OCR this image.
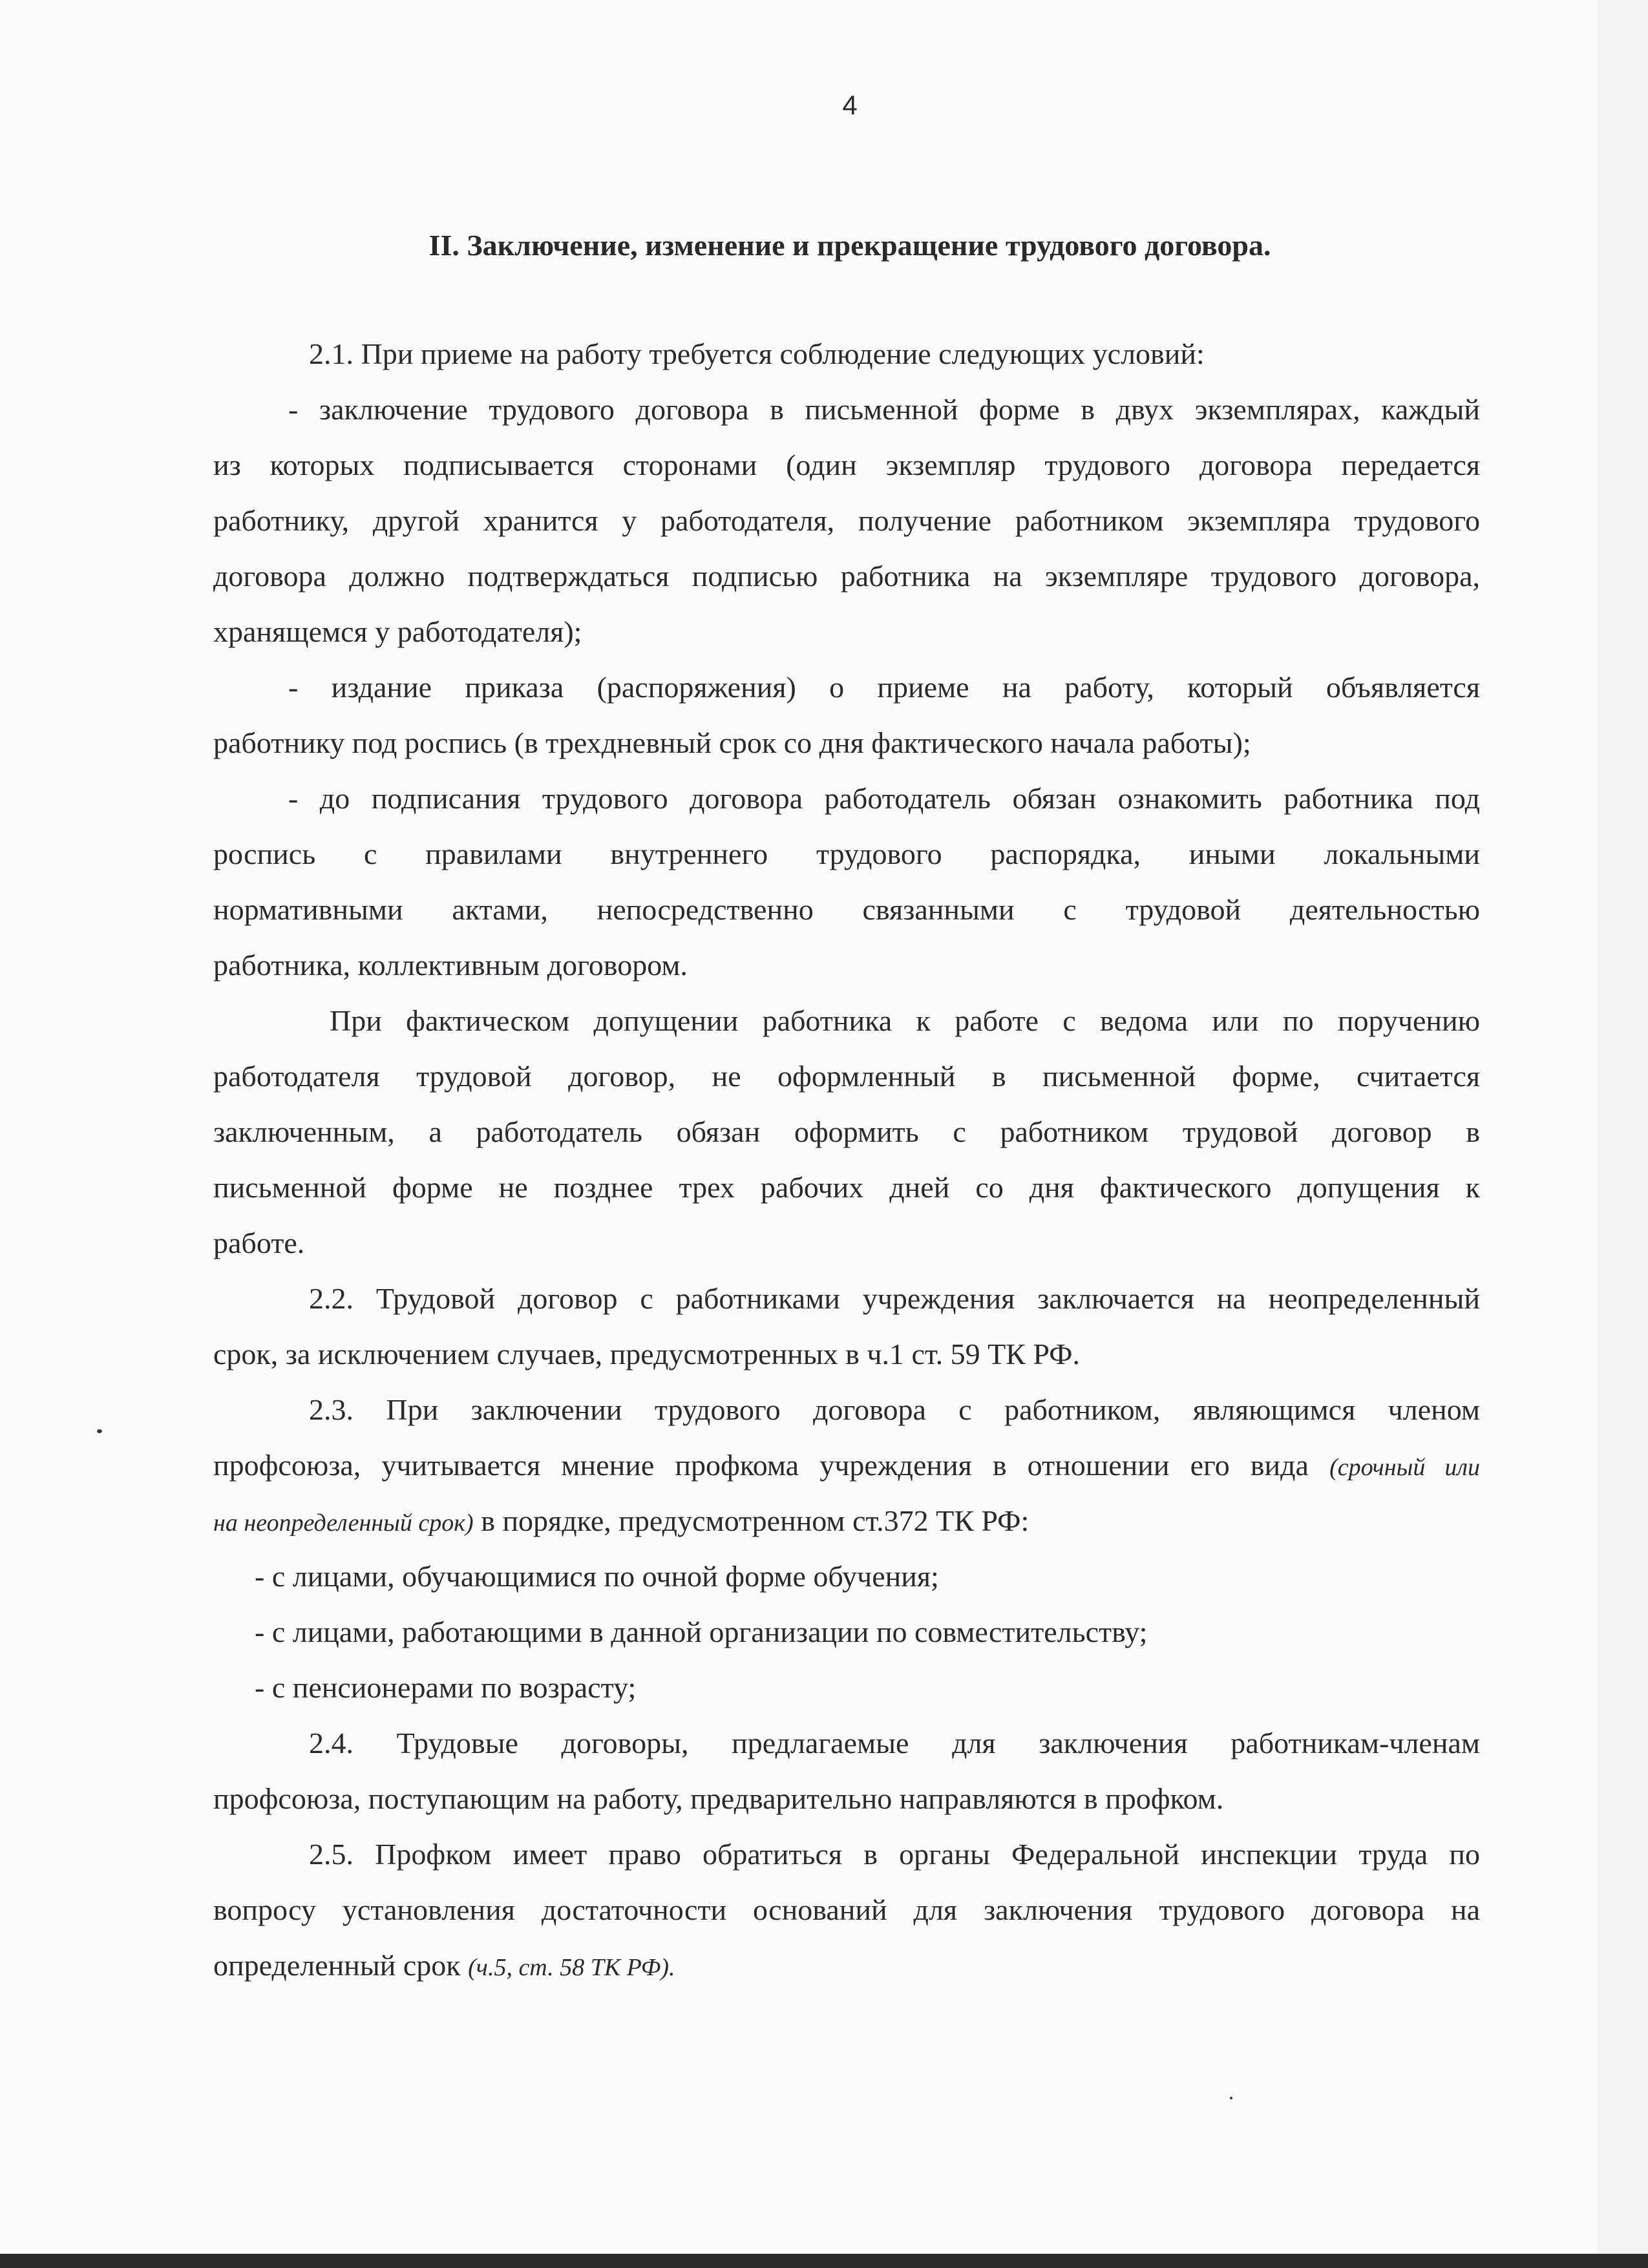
4
II. Заключение, изменение и прекращение трудового договора.
2.1. При приеме на работу требуется соблюдение следующих условий:
- заключение трудового договора в письменной форме в двух экземплярах, каждый
из которых подписывается сторонами (один экземпляр трудового договора передается
работнику, другой хранится у работодателя, получение работником экземпляра трудового
договора должно подтверждаться подписью работника на экземпляре трудового договора,
хранящемся у работодателя);
- издание приказа (распоряжения) о приеме на работу, который объявляется
работнику под роспись (в трехдневный срок со дня фактического начала работы);
- до подписания трудового договора работодатель обязан ознакомить работника под
роспись с правилами внутреннего трудового распорядка, иными локальными
нормативными актами, непосредственно связанными с трудовой деятельностью
работника, коллективным договором.
При фактическом допущении работника к работе с ведома или по поручению
работодателя трудовой договор, не оформленный в письменной форме, считается
заключенным, а работодатель обязан оформить с работником трудовой договор в
письменной форме не позднее трех рабочих дней со дня фактического допущения к
работе.
2.2. Трудовой договор с работниками учреждения заключается на неопределенный
срок, за исключением случаев, предусмотренных в ч.1 ст. 59 ТК РФ.
2.3. При заключении трудового договора с работником, являющимся членом
профсоюза, учитывается мнение профкома учреждения в отношении его вида (срочный или
на неопределенный срок) в порядке, предусмотренном ст.372 ТК РФ:
- с лицами, обучающимися по очной форме обучения;
- с лицами, работающими в данной организации по совместительству;
- с пенсионерами по возрасту;
2.4. Трудовые договоры, предлагаемые для заключения работникам-членам
профсоюза, поступающим на работу, предварительно направляются в профком.
2.5. Профком имеет право обратиться в органы Федеральной инспекции труда по
вопросу установления достаточности оснований для заключения трудового договора на
определенный срок (ч.5, ст. 58 ТК РФ).
